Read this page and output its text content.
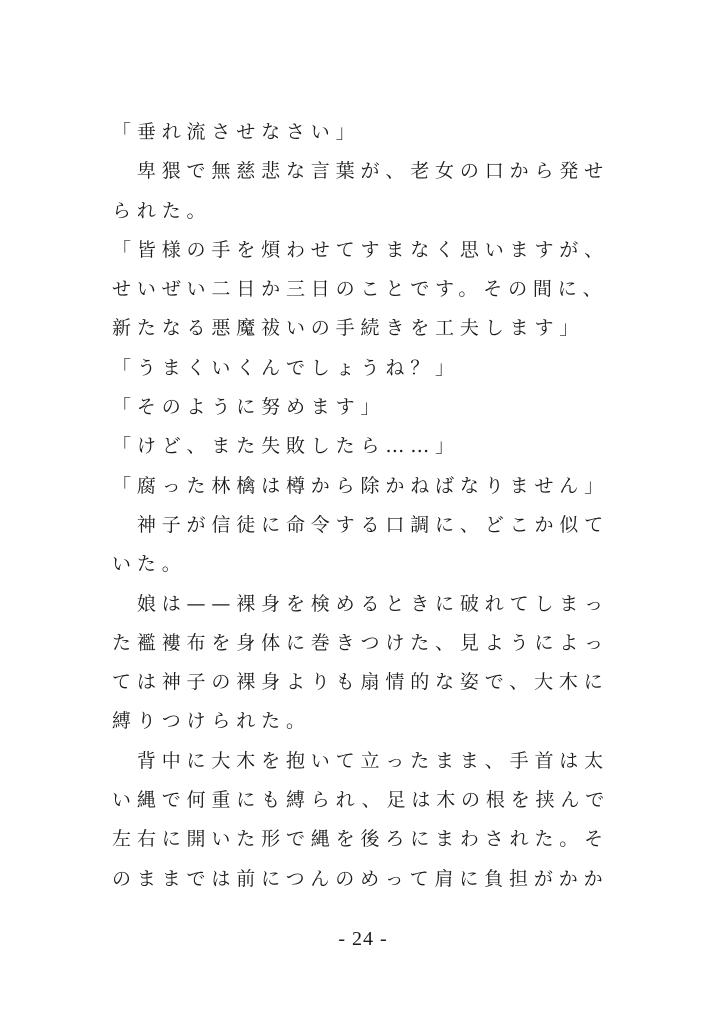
「垂れ流させなさい」
　卑猥で無慈悲な言葉が、老女の口から発せ
られた。
「皆様の手を煩わせてすまなく思いますが、
せいぜい二日か三日のことです。その間に、
新たなる悪魔祓いの手続きを工夫します」
「うまくいくんでしょうね？」
「そのように努めます」
「けど、また失敗したら……」
「腐った林檎は樽から除かねばなりません」
　神子が信徒に命令する口調に、どこか似て
いた。
　娘は——裸身を検めるときに破れてしまっ
た襤褸布を身体に巻きつけた、見ようによっ
ては神子の裸身よりも扇情的な姿で、大木に
縛りつけられた。
　背中に大木を抱いて立ったまま、手首は太
い縄で何重にも縛られ、足は木の根を挟んで
左右に開いた形で縄を後ろにまわされた。そ
のままでは前につんのめって肩に負担がかか
- 24 -
